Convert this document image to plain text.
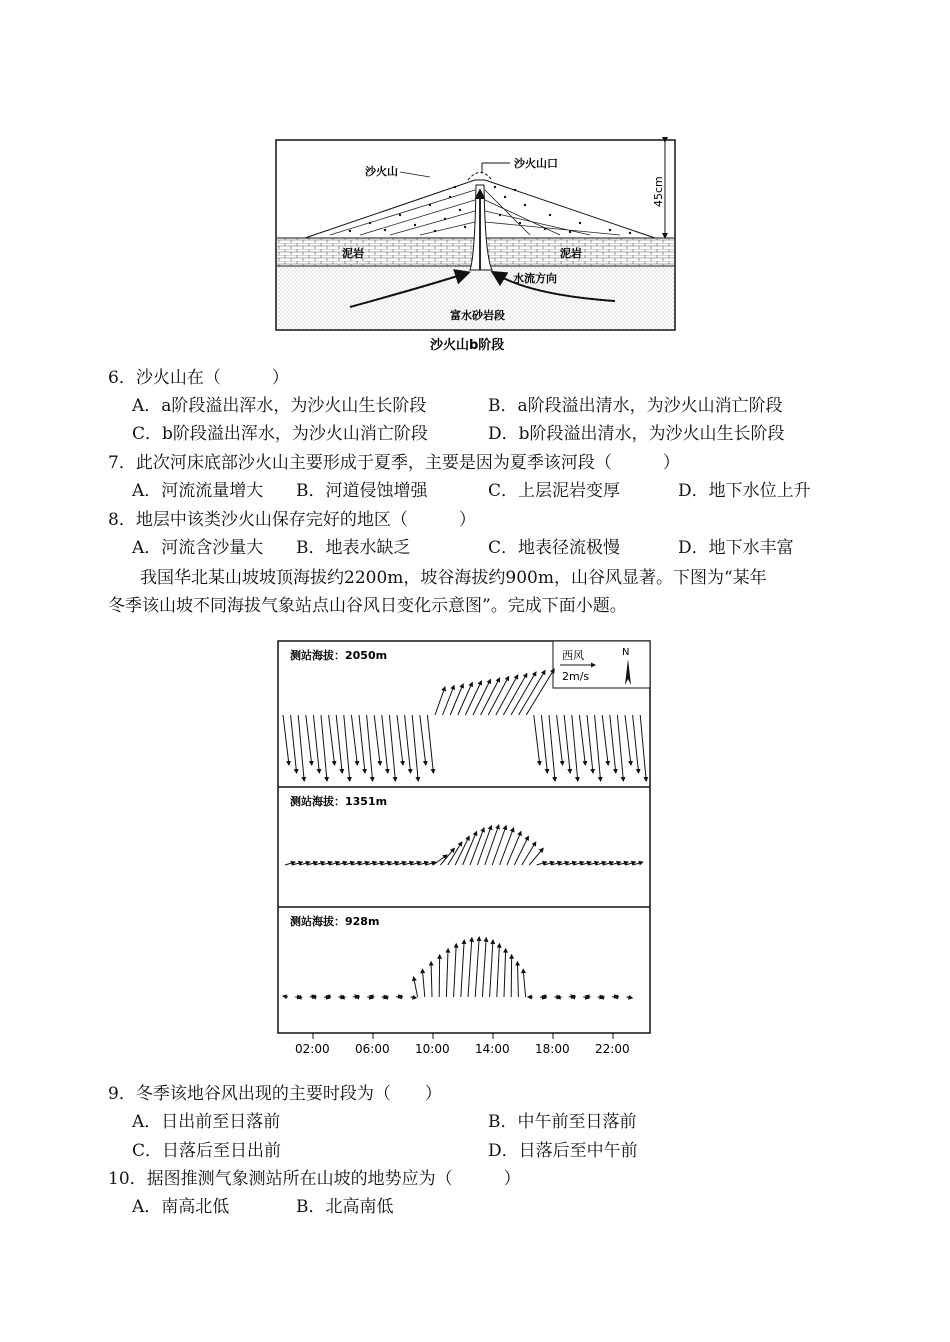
沙火山
沙火山口
泥岩	泥岩
水流方向
富水砂岩段
45cm
沙火山b阶段
6．沙火山在（　　　）
A．a阶段溢出浑水，为沙火山生长阶段	B．a阶段溢出清水，为沙火山消亡阶段
C．b阶段溢出浑水，为沙火山消亡阶段	D．b阶段溢出清水，为沙火山生长阶段
7．此次河床底部沙火山主要形成于夏季，主要是因为夏季该河段（　　　）
A．河流流量增大 B．河道侵蚀增强	C．上层泥岩变厚	D．地下水位上升
8．地层中该类沙火山保存完好的地区（　　　）
A．河流含沙量大 B．地表水缺乏	C．地表径流极慢	D．地下水丰富
我国华北某山坡坡顶海拔约2200m，坡谷海拔约900m，山谷风显著。下图为“某年
冬季该山坡不同海拔气象站点山谷风日变化示意图”。完成下面小题。
西风
2m/s
N
测站海拔：2050m
测站海拔：1351m
测站海拔：928m
02:00 06:00 10:00 14:00 18:00 22:00
9．冬季该地谷风出现的主要时段为（　　）
A．日出前至日落前	B．中午前至日落前
C．日落后至日出前	D．日落后至中午前
10．据图推测气象测站所在山坡的地势应为（　　　）
A．南高北低	B．北高南低
